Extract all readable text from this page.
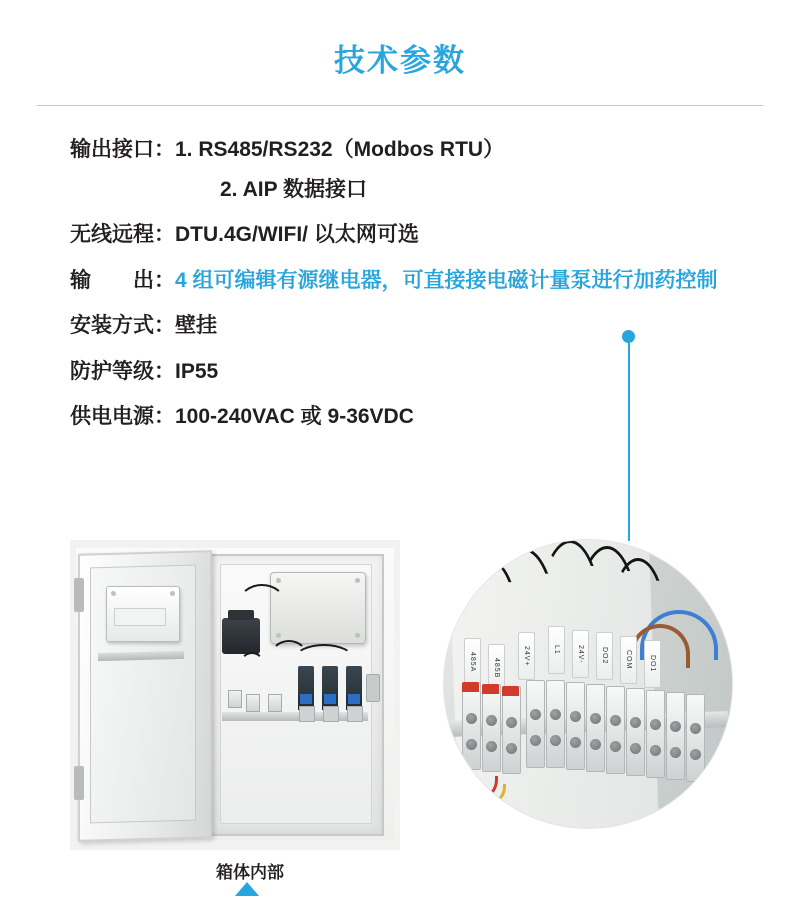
技术参数
输出接口： 1. RS485/RS232（Modbos RTU）
2. AIP 数据接口
无线远程： DTU.4G/WIFI/ 以太网可选
输　　出： 4 组可编辑有源继电器，可直接接电磁计量泵进行加药控制
安装方式： 壁挂
防护等级： IP55
供电电源： 100-240VAC 或 9-36VDC
箱体内部
485A	485B
24V+	L1	24V-	DO2	COM	DO1
